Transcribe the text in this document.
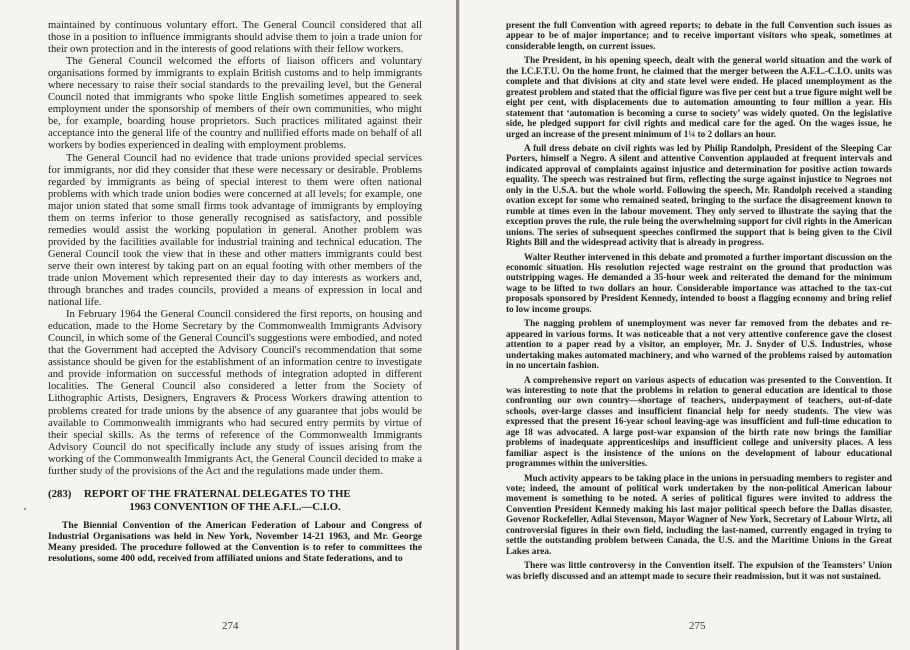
(C) TUC Library Collections

maintained by continuous voluntary effort. The General Council considered that all those in a position to influence immigrants should advise them to join a trade union for their own protection and in the interests of good relations with their fellow workers.

The General Council welcomed the efforts of liaison officers and voluntary organisations formed by immigrants to explain British customs and to help immigrants where necessary to raise their social standards to the prevailing level, but the General Council noted that immigrants who spoke little English sometimes appeared to seek employment under the sponsorship of members of their own communities, who might be, for example, boarding house proprietors. Such practices militated against their acceptance into the general life of the country and nullified efforts made on behalf of all workers by bodies experienced in dealing with employment problems.

The General Council had no evidence that trade unions provided special services for immigrants, nor did they consider that these were necessary or desirable. Problems regarded by immigrants as being of special interest to them were often national problems with which trade union bodies were concerned at all levels; for example, one major union stated that some small firms took advantage of immigrants by employing them on terms inferior to those generally recognised as satisfactory, and possible remedies would assist the working population in general. Another problem was provided by the facilities available for industrial training and technical education. The General Council took the view that in these and other matters immigrants could best serve their own interest by taking part on an equal footing with other members of the trade union Movement which represented their day to day interests as workers and, through branches and trades councils, provided a means of expression in local and national life.

In February 1964 the General Council considered the first reports, on housing and education, made to the Home Secretary by the Commonwealth Immigrants Advisory Council, in which some of the General Council's suggestions were embodied, and noted that the Government had accepted the Advisory Council's recommendation that some assistance should be given for the establishment of an information centre to investigate and provide information on successful methods of integration adopted in different localities. The General Council also considered a letter from the Society of Lithographic Artists, Designers, Engravers & Process Workers drawing attention to problems created for trade unions by the absence of any guarantee that jobs would be available to Commonwealth immigrants who had secured entry permits by virtue of their special skills. As the terms of reference of the Commonwealth Immigrants Advisory Council do not specifically include any study of issues arising from the working of the Commonwealth Immigrants Act, the General Council decided to make a further study of the provisions of the Act and the regulations made under them.

(283) REPORT OF THE FRATERNAL DELEGATES TO THE
1963 CONVENTION OF THE A.F.L.—C.I.O.

The Biennial Convention of the American Federation of Labour and Congress of Industrial Organisations was held in New York, November 14-21 1963, and Mr. George Meany presided. The procedure followed at the Convention is to refer to committees the resolutions, some 400 odd, received from affiliated unions and State federations, and to

274

present the full Convention with agreed reports; to debate in the full Convention such issues as appear to be of major importance; and to receive important visitors who speak, sometimes at considerable length, on current issues.

The President, in his opening speech, dealt with the general world situation and the work of the I.C.F.T.U. On the home front, he claimed that the merger between the A.F.L.-C.I.O. units was complete and that divisions at city and state level were ended. He placed unemployment as the greatest problem and stated that the official figure was five per cent but a true figure might well be eight per cent, with displacements due to automation amounting to four million a year. His statement that ‘automation is becoming a curse to society’ was widely quoted. On the legislative side, he pledged support for civil rights and medical care for the aged. On the wages issue, he urged an increase of the present minimum of 1¼ to 2 dollars an hour.

A full dress debate on civil rights was led by Philip Randolph, President of the Sleeping Car Porters, himself a Negro. A silent and attentive Convention applauded at frequent intervals and indicated approval of complaints against injustice and determination for positive action towards equality. The speech was restrained but firm, reflecting the surge against injustice to Negroes not only in the U.S.A. but the whole world. Following the speech, Mr. Randolph received a standing ovation except for some who remained seated, bringing to the surface the disagreement known to rumble at times even in the labour movement. They only served to illustrate the saying that the exception proves the rule, the rule being the overwhelming support for civil rights in the American unions. The series of subsequent speeches confirmed the support that is being given to the Civil Rights Bill and the widespread activity that is already in progress.

Walter Reuther intervened in this debate and promoted a further important discussion on the economic situation. His resolution rejected wage restraint on the ground that production was outstripping wages. He demanded a 35-hour week and reiterated the demand for the minimum wage to be lifted to two dollars an hour. Considerable importance was attached to the tax-cut proposals sponsored by President Kennedy, intended to boost a flagging economy and bring relief to low income groups.

The nagging problem of unemployment was never far removed from the debates and re-appeared in various forms. It was noticeable that a not very attentive conference gave the closest attention to a paper read by a visitor, an employer, Mr. J. Snyder of U.S. Industries, whose undertaking makes automated machinery, and who warned of the problems raised by automation in no uncertain fashion.

A comprehensive report on various aspects of education was presented to the Convention. It was interesting to note that the problems in relation to general education are identical to those confronting our own country—shortage of teachers, underpayment of teachers, out-of-date schools, over-large classes and insufficient financial help for needy students. The view was expressed that the present 16-year school leaving-age was insufficient and full-time education to age 18 was advocated. A large post-war expansion of the birth rate now brings the familiar problems of inadequate apprenticeships and insufficient college and university places. A less familiar aspect is the insistence of the unions on the development of labour educational programmes within the universities.

Much activity appears to be taking place in the unions in persuading members to register and vote; indeed, the amount of political work undertaken by the non-political American labour movement is something to be noted. A series of political figures were invited to address the Convention President Kennedy making his last major political speech before the Dallas disaster, Govenor Rockefeller, Adlai Stevenson, Mayor Wagner of New York, Secretary of Labour Wirtz, all controversial figures in their own field, including the last-named, currently engaged in trying to settle the outstanding problem between Canada, the U.S. and the Maritime Unions in the Great Lakes area.

There was little controversy in the Convention itself. The expulsion of the Teamsters’ Union was briefly discussed and an attempt made to secure their readmission, but it was not sustained.

275
